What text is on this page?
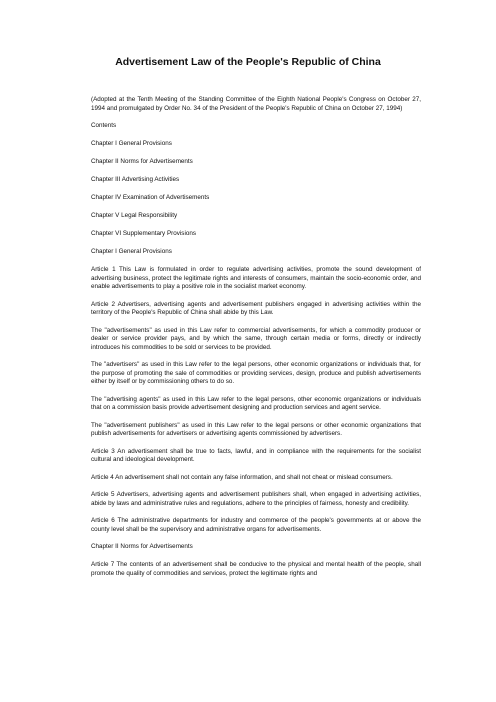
Advertisement Law of the People's Republic of China

(Adopted at the Tenth Meeting of the Standing Committee of the Eighth National People's Congress on October 27, 1994 and promulgated by Order No. 34 of the President of the People's Republic of China on October 27, 1994)

Contents

Chapter I General Provisions

Chapter II Norms for Advertisements

Chapter III Advertising Activities

Chapter IV Examination of Advertisements

Chapter V Legal Responsibility

Chapter VI Supplementary Provisions

Chapter I General Provisions

Article 1 This Law is formulated in order to regulate advertising activities, promote the sound development of advertising business, protect the legitimate rights and interests of consumers, maintain the socio-economic order, and enable advertisements to play a positive role in the socialist market economy.

Article 2 Advertisers, advertising agents and advertisement publishers engaged in advertising activities within the territory of the People's Republic of China shall abide by this Law.

The "advertisements" as used in this Law refer to commercial advertisements, for which a commodity producer or dealer or service provider pays, and by which the same, through certain media or forms, directly or indirectly introduces his commodities to be sold or services to be provided.

The "advertisers" as used in this Law refer to the legal persons, other economic organizations or individuals that, for the purpose of promoting the sale of commodities or providing services, design, produce and publish advertisements either by itself or by commissioning others to do so.

The "advertising agents" as used in this Law refer to the legal persons, other economic organizations or individuals that on a commission basis provide advertisement designing and production services and agent service.

The "advertisement publishers" as used in this Law refer to the legal persons or other economic organizations that publish advertisements for advertisers or advertising agents commissioned by advertisers.

Article 3 An advertisement shall be true to facts, lawful, and in compliance with the requirements for the socialist cultural and ideological development.

Article 4 An advertisement shall not contain any false information, and shall not cheat or mislead consumers.

Article 5 Advertisers, advertising agents and advertisement publishers shall, when engaged in advertising activities, abide by laws and administrative rules and regulations, adhere to the principles of fairness, honesty and credibility.

Article 6 The administrative departments for industry and commerce of the people's governments at or above the county level shall be the supervisory and administrative organs for advertisements.

Chapter II Norms for Advertisements

Article 7 The contents of an advertisement shall be conducive to the physical and mental health of the people, shall promote the quality of commodities and services, protect the legitimate rights and
